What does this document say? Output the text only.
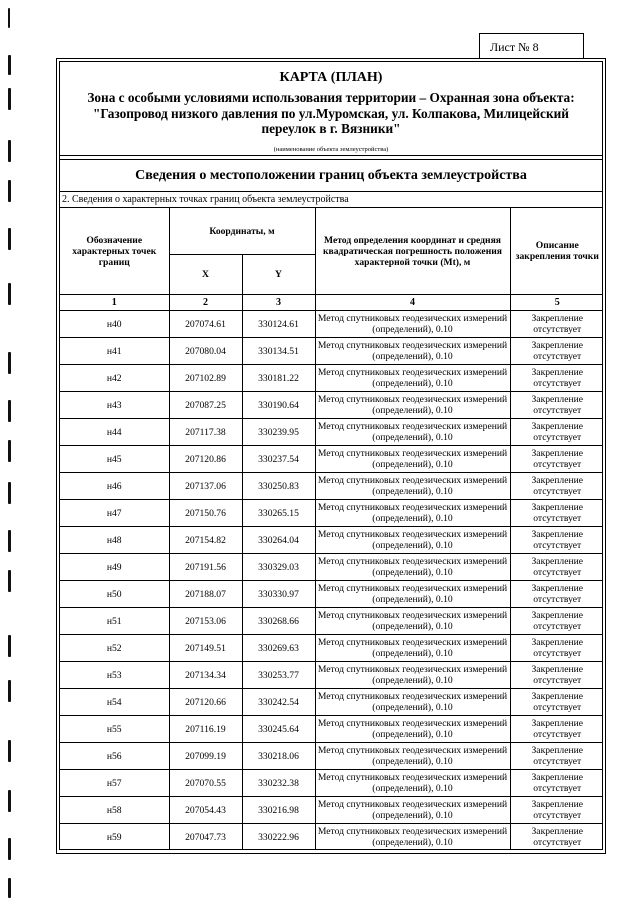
Лист № 8
КАРТА (ПЛАН)
Зона с особыми условиями использования территории – Охранная зона объекта:
"Газопровод низкого давления по ул.Муромская, ул. Колпакова, Милицейский
переулок в г. Вязники"
(наименование объекта землеустройства)
Сведения о местоположении границ объекта землеустройства
2. Сведения о характерных точках границ объекта землеустройства
Обозначение характерных точек границ	Координаты, м		Метод определения координат и средняя квадратическая погрешность положения характерной точки (Mt), м	Описание закрепления точки
	X	Y		
1	2	3	4	5
н40	207074.61	330124.61	Метод спутниковых геодезических измерений (определений), 0.10	Закрепление отсутствует
н41	207080.04	330134.51	Метод спутниковых геодезических измерений (определений), 0.10	Закрепление отсутствует
н42	207102.89	330181.22	Метод спутниковых геодезических измерений (определений), 0.10	Закрепление отсутствует
н43	207087.25	330190.64	Метод спутниковых геодезических измерений (определений), 0.10	Закрепление отсутствует
н44	207117.38	330239.95	Метод спутниковых геодезических измерений (определений), 0.10	Закрепление отсутствует
н45	207120.86	330237.54	Метод спутниковых геодезических измерений (определений), 0.10	Закрепление отсутствует
н46	207137.06	330250.83	Метод спутниковых геодезических измерений (определений), 0.10	Закрепление отсутствует
н47	207150.76	330265.15	Метод спутниковых геодезических измерений (определений), 0.10	Закрепление отсутствует
н48	207154.82	330264.04	Метод спутниковых геодезических измерений (определений), 0.10	Закрепление отсутствует
н49	207191.56	330329.03	Метод спутниковых геодезических измерений (определений), 0.10	Закрепление отсутствует
н50	207188.07	330330.97	Метод спутниковых геодезических измерений (определений), 0.10	Закрепление отсутствует
н51	207153.06	330268.66	Метод спутниковых геодезических измерений (определений), 0.10	Закрепление отсутствует
н52	207149.51	330269.63	Метод спутниковых геодезических измерений (определений), 0.10	Закрепление отсутствует
н53	207134.34	330253.77	Метод спутниковых геодезических измерений (определений), 0.10	Закрепление отсутствует
н54	207120.66	330242.54	Метод спутниковых геодезических измерений (определений), 0.10	Закрепление отсутствует
н55	207116.19	330245.64	Метод спутниковых геодезических измерений (определений), 0.10	Закрепление отсутствует
н56	207099.19	330218.06	Метод спутниковых геодезических измерений (определений), 0.10	Закрепление отсутствует
н57	207070.55	330232.38	Метод спутниковых геодезических измерений (определений), 0.10	Закрепление отсутствует
н58	207054.43	330216.98	Метод спутниковых геодезических измерений (определений), 0.10	Закрепление отсутствует
н59	207047.73	330222.96	Метод спутниковых геодезических измерений (определений), 0.10	Закрепление отсутствует
